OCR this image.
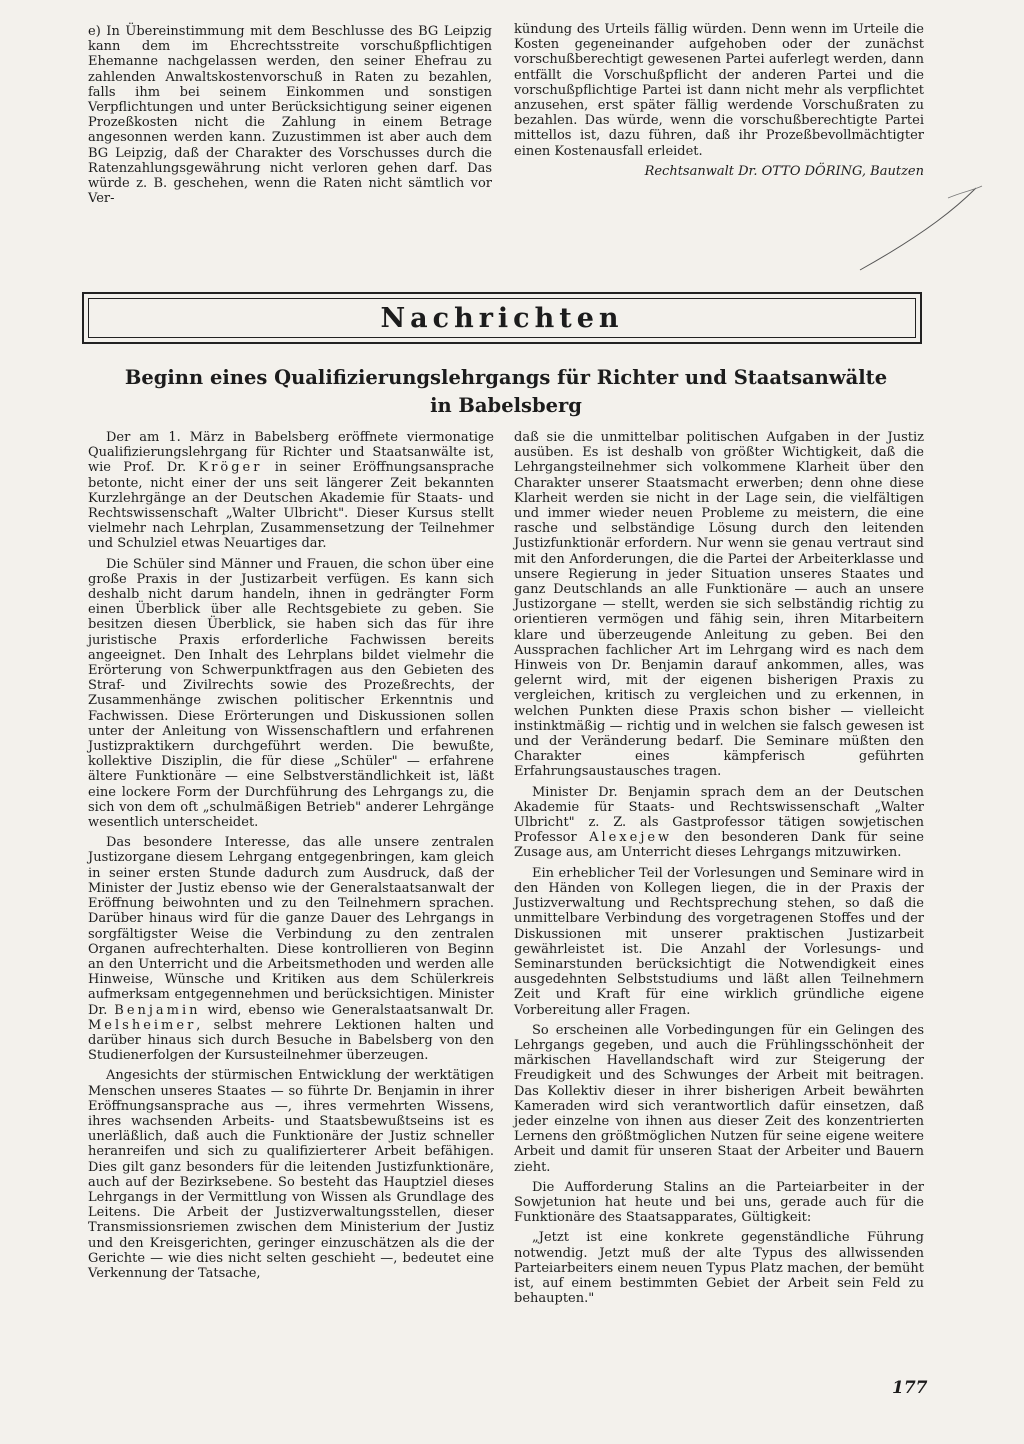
e) In Übereinstimmung mit dem Beschlusse des BG Leipzig kann dem im Ehcrechtsstreite vorschußpflichtigen Ehemanne nachgelassen werden, den seiner Ehefrau zu zahlenden Anwaltskostenvorschuß in Raten zu bezahlen, falls ihm bei seinem Einkommen und sonstigen Verpflichtungen und unter Berücksichtigung seiner eigenen Prozeßkosten nicht die Zahlung in einem Betrage angesonnen werden kann. Zuzustimmen ist aber auch dem BG Leipzig, daß der Charakter des Vorschusses durch die Ratenzahlungsgewährung nicht verloren gehen darf. Das würde z. B. geschehen, wenn die Raten nicht sämtlich vor Ver-

kündung des Urteils fällig würden. Denn wenn im Urteile die Kosten gegeneinander aufgehoben oder der zunächst vorschußberechtigt gewesenen Partei auferlegt werden, dann entfällt die Vorschußpflicht der anderen Partei und die vorschußpflichtige Partei ist dann nicht mehr als verpflichtet anzusehen, erst später fällig werdende Vorschußraten zu bezahlen. Das würde, wenn die vorschußberechtigte Partei mittellos ist, dazu führen, daß ihr Prozeßbevollmächtigter einen Kostenausfall erleidet.

Rechtsanwalt Dr. OTTO DÖRING, Bautzen
Nachrichten
Beginn eines Qualifizierungslehrgangs für Richter und Staatsanwälte
in Babelsberg

Der am 1. März in Babelsberg eröffnete viermonatige Qualifizierungslehrgang für Richter und Staatsanwälte ist, wie Prof. Dr. Kröger in seiner Eröffnungsansprache betonte, nicht einer der uns seit längerer Zeit bekannten Kurzlehrgänge an der Deutschen Akademie für Staats- und Rechtswissenschaft „Walter Ulbricht". Dieser Kursus stellt vielmehr nach Lehrplan, Zusammensetzung der Teilnehmer und Schulziel etwas Neuartiges dar.

Die Schüler sind Männer und Frauen, die schon über eine große Praxis in der Justizarbeit verfügen. Es kann sich deshalb nicht darum handeln, ihnen in gedrängter Form einen Überblick über alle Rechtsgebiete zu geben. Sie besitzen diesen Überblick, sie haben sich das für ihre juristische Praxis erforderliche Fachwissen bereits angeeignet. Den Inhalt des Lehrplans bildet vielmehr die Erörterung von Schwerpunktfragen aus den Gebieten des Straf- und Zivilrechts sowie des Prozeßrechts, der Zusammenhänge zwischen politischer Erkenntnis und Fachwissen. Diese Erörterungen und Diskussionen sollen unter der Anleitung von Wissenschaftlern und erfahrenen Justizpraktikern durchgeführt werden. Die bewußte, kollektive Disziplin, die für diese „Schüler" — erfahrene ältere Funktionäre — eine Selbstverständlichkeit ist, läßt eine lockere Form der Durchführung des Lehrgangs zu, die sich von dem oft „schulmäßigen Betrieb" anderer Lehrgänge wesentlich unterscheidet.

Das besondere Interesse, das alle unsere zentralen Justizorgane diesem Lehrgang entgegenbringen, kam gleich in seiner ersten Stunde dadurch zum Ausdruck, daß der Minister der Justiz ebenso wie der Generalstaatsanwalt der Eröffnung beiwohnten und zu den Teilnehmern sprachen. Darüber hinaus wird für die ganze Dauer des Lehrgangs in sorgfältigster Weise die Verbindung zu den zentralen Organen aufrechterhalten. Diese kontrollieren von Beginn an den Unterricht und die Arbeitsmethoden und werden alle Hinweise, Wünsche und Kritiken aus dem Schülerkreis aufmerksam entgegennehmen und berücksichtigen. Minister Dr. Benjamin wird, ebenso wie Generalstaatsanwalt Dr. Melsheimer, selbst mehrere Lektionen halten und darüber hinaus sich durch Besuche in Babelsberg von den Studienerfolgen der Kursusteilnehmer überzeugen.

Angesichts der stürmischen Entwicklung der werktätigen Menschen unseres Staates — so führte Dr. Benjamin in ihrer Eröffnungsansprache aus —, ihres vermehrten Wissens, ihres wachsenden Arbeits- und Staatsbewußtseins ist es unerläßlich, daß auch die Funktionäre der Justiz schneller heranreifen und sich zu qualifizierterer Arbeit befähigen. Dies gilt ganz besonders für die leitenden Justizfunktionäre, auch auf der Bezirksebene. So besteht das Hauptziel dieses Lehrgangs in der Vermittlung von Wissen als Grundlage des Leitens. Die Arbeit der Justizverwaltungsstellen, dieser Transmissionsriemen zwischen dem Ministerium der Justiz und den Kreisgerichten, geringer einzuschätzen als die der Gerichte — wie dies nicht selten geschieht —, bedeutet eine Verkennung der Tatsache,

daß sie die unmittelbar politischen Aufgaben in der Justiz ausüben. Es ist deshalb von größter Wichtigkeit, daß die Lehrgangsteilnehmer sich volkommene Klarheit über den Charakter unserer Staatsmacht erwerben; denn ohne diese Klarheit werden sie nicht in der Lage sein, die vielfältigen und immer wieder neuen Probleme zu meistern, die eine rasche und selbständige Lösung durch den leitenden Justizfunktionär erfordern. Nur wenn sie genau vertraut sind mit den Anforderungen, die die Partei der Arbeiterklasse und unsere Regierung in jeder Situation unseres Staates und ganz Deutschlands an alle Funktionäre — auch an unsere Justizorgane — stellt, werden sie sich selbständig richtig zu orientieren vermögen und fähig sein, ihren Mitarbeitern klare und überzeugende Anleitung zu geben. Bei den Aussprachen fachlicher Art im Lehrgang wird es nach dem Hinweis von Dr. Benjamin darauf ankommen, alles, was gelernt wird, mit der eigenen bisherigen Praxis zu vergleichen, kritisch zu vergleichen und zu erkennen, in welchen Punkten diese Praxis schon bisher — vielleicht instinktmäßig — richtig und in welchen sie falsch gewesen ist und der Veränderung bedarf. Die Seminare müßten den Charakter eines kämpferisch geführten Erfahrungsaustausches tragen.

Minister Dr. Benjamin sprach dem an der Deutschen Akademie für Staats- und Rechtswissenschaft „Walter Ulbricht" z. Z. als Gastprofessor tätigen sowjetischen Professor Alexejew den besonderen Dank für seine Zusage aus, am Unterricht dieses Lehrgangs mitzuwirken.

Ein erheblicher Teil der Vorlesungen und Seminare wird in den Händen von Kollegen liegen, die in der Praxis der Justizverwaltung und Rechtsprechung stehen, so daß die unmittelbare Verbindung des vorgetragenen Stoffes und der Diskussionen mit unserer praktischen Justizarbeit gewährleistet ist. Die Anzahl der Vorlesungs- und Seminarstunden berücksichtigt die Notwendigkeit eines ausgedehnten Selbststudiums und läßt allen Teilnehmern Zeit und Kraft für eine wirklich gründliche eigene Vorbereitung aller Fragen.

So erscheinen alle Vorbedingungen für ein Gelingen des Lehrgangs gegeben, und auch die Frühlingsschönheit der märkischen Havellandschaft wird zur Steigerung der Freudigkeit und des Schwunges der Arbeit mit beitragen. Das Kollektiv dieser in ihrer bisherigen Arbeit bewährten Kameraden wird sich verantwortlich dafür einsetzen, daß jeder einzelne von ihnen aus dieser Zeit des konzentrierten Lernens den größtmöglichen Nutzen für seine eigene weitere Arbeit und damit für unseren Staat der Arbeiter und Bauern zieht.

Die Aufforderung Stalins an die Parteiarbeiter in der Sowjetunion hat heute und bei uns, gerade auch für die Funktionäre des Staatsapparates, Gültigkeit:

„Jetzt ist eine konkrete gegenständliche Führung notwendig. Jetzt muß der alte Typus des allwissenden Parteiarbeiters einem neuen Typus Platz machen, der bemüht ist, auf einem bestimmten Gebiet der Arbeit sein Feld zu behaupten."

177
